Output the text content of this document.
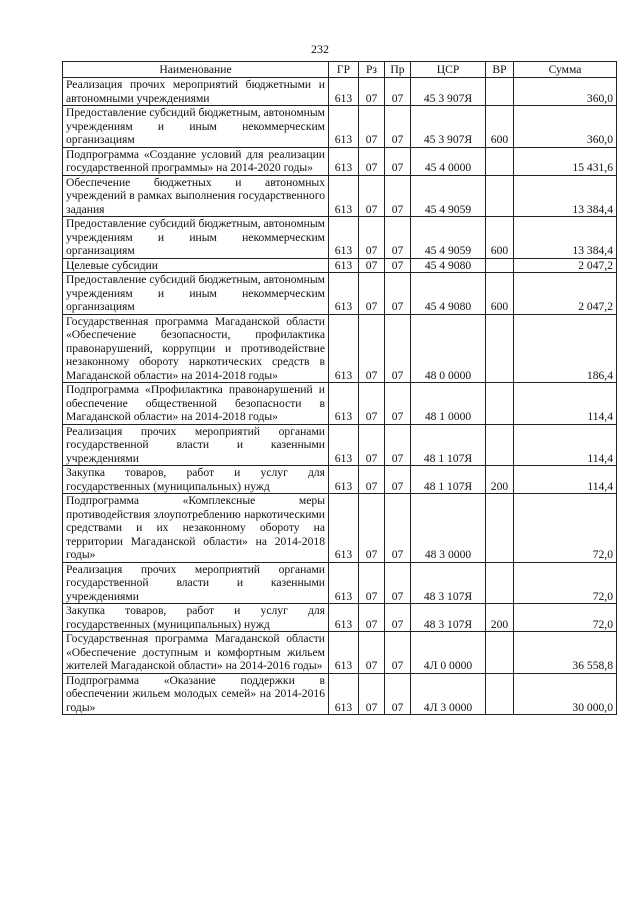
232
Наименование	ГР	Рз	Пр	ЦСР	ВР	Сумма
Реализация прочих мероприятий бюджетными и автономными учреждениями	613	07	07	45 3 907Я		360,0
Предоставление субсидий бюджетным, автономным учреждениям и иным некоммерческим организациям	613	07	07	45 3 907Я	600	360,0
Подпрограмма «Создание условий для реализации государственной программы» на 2014-2020 годы»	613	07	07	45 4 0000		15 431,6
Обеспечение бюджетных и автономных учреждений в рамках выполнения государственного задания	613	07	07	45 4 9059		13 384,4
Предоставление субсидий бюджетным, автономным учреждениям и иным некоммерческим организациям	613	07	07	45 4 9059	600	13 384,4
Целевые субсидии	613	07	07	45 4 9080		2 047,2
Предоставление субсидий бюджетным, автономным учреждениям и иным некоммерческим организациям	613	07	07	45 4 9080	600	2 047,2
Государственная программа Магаданской области «Обеспечение безопасности, профилактика правонарушений, коррупции и противодействие незаконному обороту наркотических средств в Магаданской области» на 2014-2018 годы»	613	07	07	48 0 0000		186,4
Подпрограмма «Профилактика правонарушений и обеспечение общественной безопасности в Магаданской области» на 2014-2018 годы»	613	07	07	48 1 0000		114,4
Реализация прочих мероприятий органами государственной власти и казенными учреждениями	613	07	07	48 1 107Я		114,4
Закупка товаров, работ и услуг для государственных (муниципальных) нужд	613	07	07	48 1 107Я	200	114,4
Подпрограмма «Комплексные меры противодействия злоупотреблению наркотическими средствами и их незаконному обороту на территории Магаданской области» на 2014-2018 годы»	613	07	07	48 3 0000		72,0
Реализация прочих мероприятий органами государственной власти и казенными учреждениями	613	07	07	48 3 107Я		72,0
Закупка товаров, работ и услуг для государственных (муниципальных) нужд	613	07	07	48 3 107Я	200	72,0
Государственная программа Магаданской области «Обеспечение доступным и комфортным жильем жителей Магаданской области» на 2014-2016 годы»	613	07	07	4Л 0 0000		36 558,8
Подпрограмма «Оказание поддержки в обеспечении жильем молодых семей» на 2014-2016 годы»	613	07	07	4Л 3 0000		30 000,0
